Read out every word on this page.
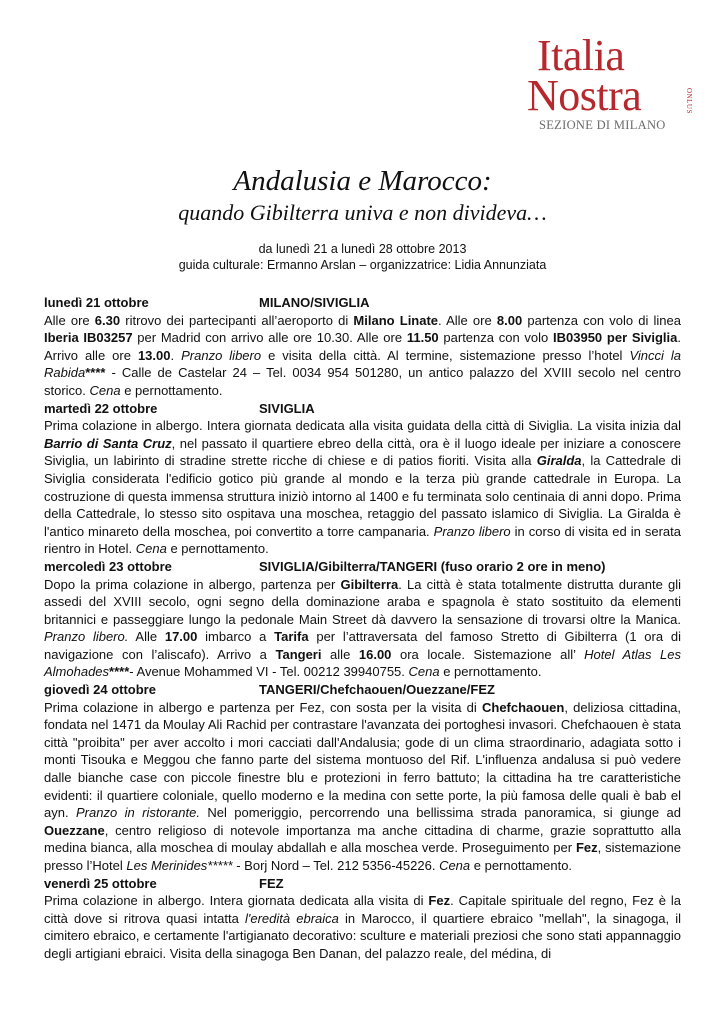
Italia
Nostra	ONLUS
SEZIONE DI MILANO
Andalusia e Marocco:
quando Gibilterra univa e non divideva…
da lunedì 21 a lunedì 28 ottobre 2013
guida culturale: Ermanno Arslan – organizzatrice: Lidia Annunziata
lunedì 21 ottobre	MILANO/SIVIGLIA

Alle ore 6.30 ritrovo dei partecipanti all’aeroporto di Milano Linate. Alle ore 8.00 partenza con volo di linea Iberia IB03257 per Madrid con arrivo alle ore 10.30. Alle ore 11.50 partenza con volo IB03950 per Siviglia. Arrivo alle ore 13.00. Pranzo libero e visita della città. Al termine, sistemazione presso l’hotel Vincci la Rabida**** - Calle de Castelar 24 – Tel. 0034 954 501280, un antico palazzo del XVIII secolo nel centro storico. Cena e pernottamento.

martedì 22 ottobre	SIVIGLIA

Prima colazione in albergo. Intera giornata dedicata alla visita guidata della città di Siviglia. La visita inizia dal Barrio di Santa Cruz, nel passato il quartiere ebreo della città, ora è il luogo ideale per iniziare a conoscere Siviglia, un labirinto di stradine strette ricche di chiese e di patios fioriti. Visita alla Giralda, la Cattedrale di Siviglia considerata l'edificio gotico più grande al mondo e la terza più grande cattedrale in Europa. La costruzione di questa immensa struttura iniziò intorno al 1400 e fu terminata solo centinaia di anni dopo. Prima della Cattedrale, lo stesso sito ospitava una moschea, retaggio del passato islamico di Siviglia. La Giralda è l'antico minareto della moschea, poi convertito a torre campanaria. Pranzo libero in corso di visita ed in serata rientro in Hotel. Cena e pernottamento.

mercoledì 23 ottobre	SIVIGLIA/Gibilterra/TANGERI (fuso orario 2 ore in meno)

Dopo la prima colazione in albergo, partenza per Gibilterra. La città è stata totalmente distrutta durante gli assedi del XVIII secolo, ogni segno della dominazione araba e spagnola è stato sostituito da elementi britannici e passeggiare lungo la pedonale Main Street dà davvero la sensazione di trovarsi oltre la Manica. Pranzo libero. Alle 17.00 imbarco a Tarifa per l’attraversata del famoso Stretto di Gibilterra (1 ora di navigazione con l’aliscafo). Arrivo a Tangeri alle 16.00 ora locale. Sistemazione all’ Hotel Atlas Les Almohades****- Avenue Mohammed VI - Tel. 00212 39940755. Cena e pernottamento.

giovedì 24 ottobre	TANGERI/Chefchaouen/Ouezzane/FEZ

Prima colazione in albergo e partenza per Fez, con sosta per la visita di Chefchaouen, deliziosa cittadina, fondata nel 1471 da Moulay Ali Rachid per contrastare l'avanzata dei portoghesi invasori. Chefchaouen è stata città "proibita" per aver accolto i mori cacciati dall'Andalusia; gode di un clima straordinario, adagiata sotto i monti Tisouka e Meggou che fanno parte del sistema montuoso del Rif. L'influenza andalusa si può vedere dalle bianche case con piccole finestre blu e protezioni in ferro battuto; la cittadina ha tre caratteristiche evidenti: il quartiere coloniale, quello moderno e la medina con sette porte, la più famosa delle quali è bab el ayn. Pranzo in ristorante. Nel pomeriggio, percorrendo una bellissima strada panoramica, si giunge ad Ouezzane, centro religioso di notevole importanza ma anche cittadina di charme, grazie soprattutto alla medina bianca, alla moschea di moulay abdallah e alla moschea verde. Proseguimento per Fez, sistemazione presso l’Hotel Les Merinides***** - Borj Nord – Tel. 212 5356-45226. Cena e pernottamento.

venerdì 25 ottobre	FEZ

Prima colazione in albergo. Intera giornata dedicata alla visita di Fez. Capitale spirituale del regno, Fez è la città dove si ritrova quasi intatta l'eredità ebraica in Marocco, il quartiere ebraico "mellah", la sinagoga, il cimitero ebraico, e certamente l'artigianato decorativo: sculture e materiali preziosi che sono stati appannaggio degli artigiani ebraici. Visita della sinagoga Ben Danan, del palazzo reale, del médina, di
